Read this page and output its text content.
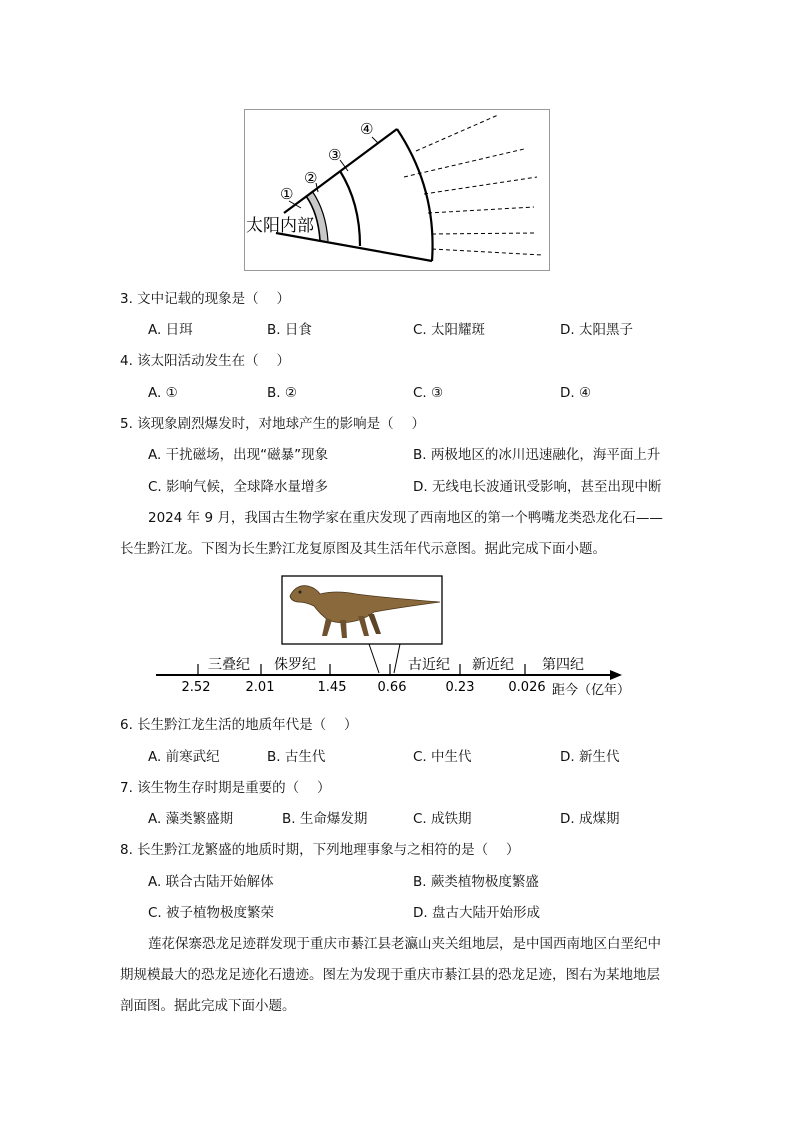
①
②
③
④
太阳内部
3. 文中记载的现象是（　 ）
A. 日珥	B. 日食	C. 太阳耀斑	D. 太阳黑子
4. 该太阳活动发生在（　 ）
A. ①	B. ②	C. ③	D. ④
5. 该现象剧烈爆发时，对地球产生的影响是（　 ）
A. 干扰磁场，出现“磁暴”现象	B. 两极地区的冰川迅速融化，海平面上升
C. 影响气候，全球降水量增多	D. 无线电长波通讯受影响，甚至出现中断
2024 年 9 月，我国古生物学家在重庆发现了西南地区的第一个鸭嘴龙类恐龙化石——
长生黔江龙。下图为长生黔江龙复原图及其生活年代示意图。据此完成下面小题。
三叠纪 侏罗纪	古近纪 新近纪 第四纪
2.52	2.01	1.45 0.66	0.23	0.026 距今（亿年）
6. 长生黔江龙生活的地质年代是（　 ）
A. 前寒武纪	B. 古生代	C. 中生代	D. 新生代
7. 该生物生存时期是重要的（　 ）
A. 藻类繁盛期	B. 生命爆发期	C. 成铁期	D. 成煤期
8. 长生黔江龙繁盛的地质时期，下列地理事象与之相符的是（　 ）
A. 联合古陆开始解体	B. 蕨类植物极度繁盛
C. 被子植物极度繁荣	D. 盘古大陆开始形成
莲花保寨恐龙足迹群发现于重庆市綦江县老瀛山夹关组地层，是中国西南地区白垩纪中
期规模最大的恐龙足迹化石遗迹。图左为发现于重庆市綦江县的恐龙足迹，图右为某地地层
剖面图。据此完成下面小题。
